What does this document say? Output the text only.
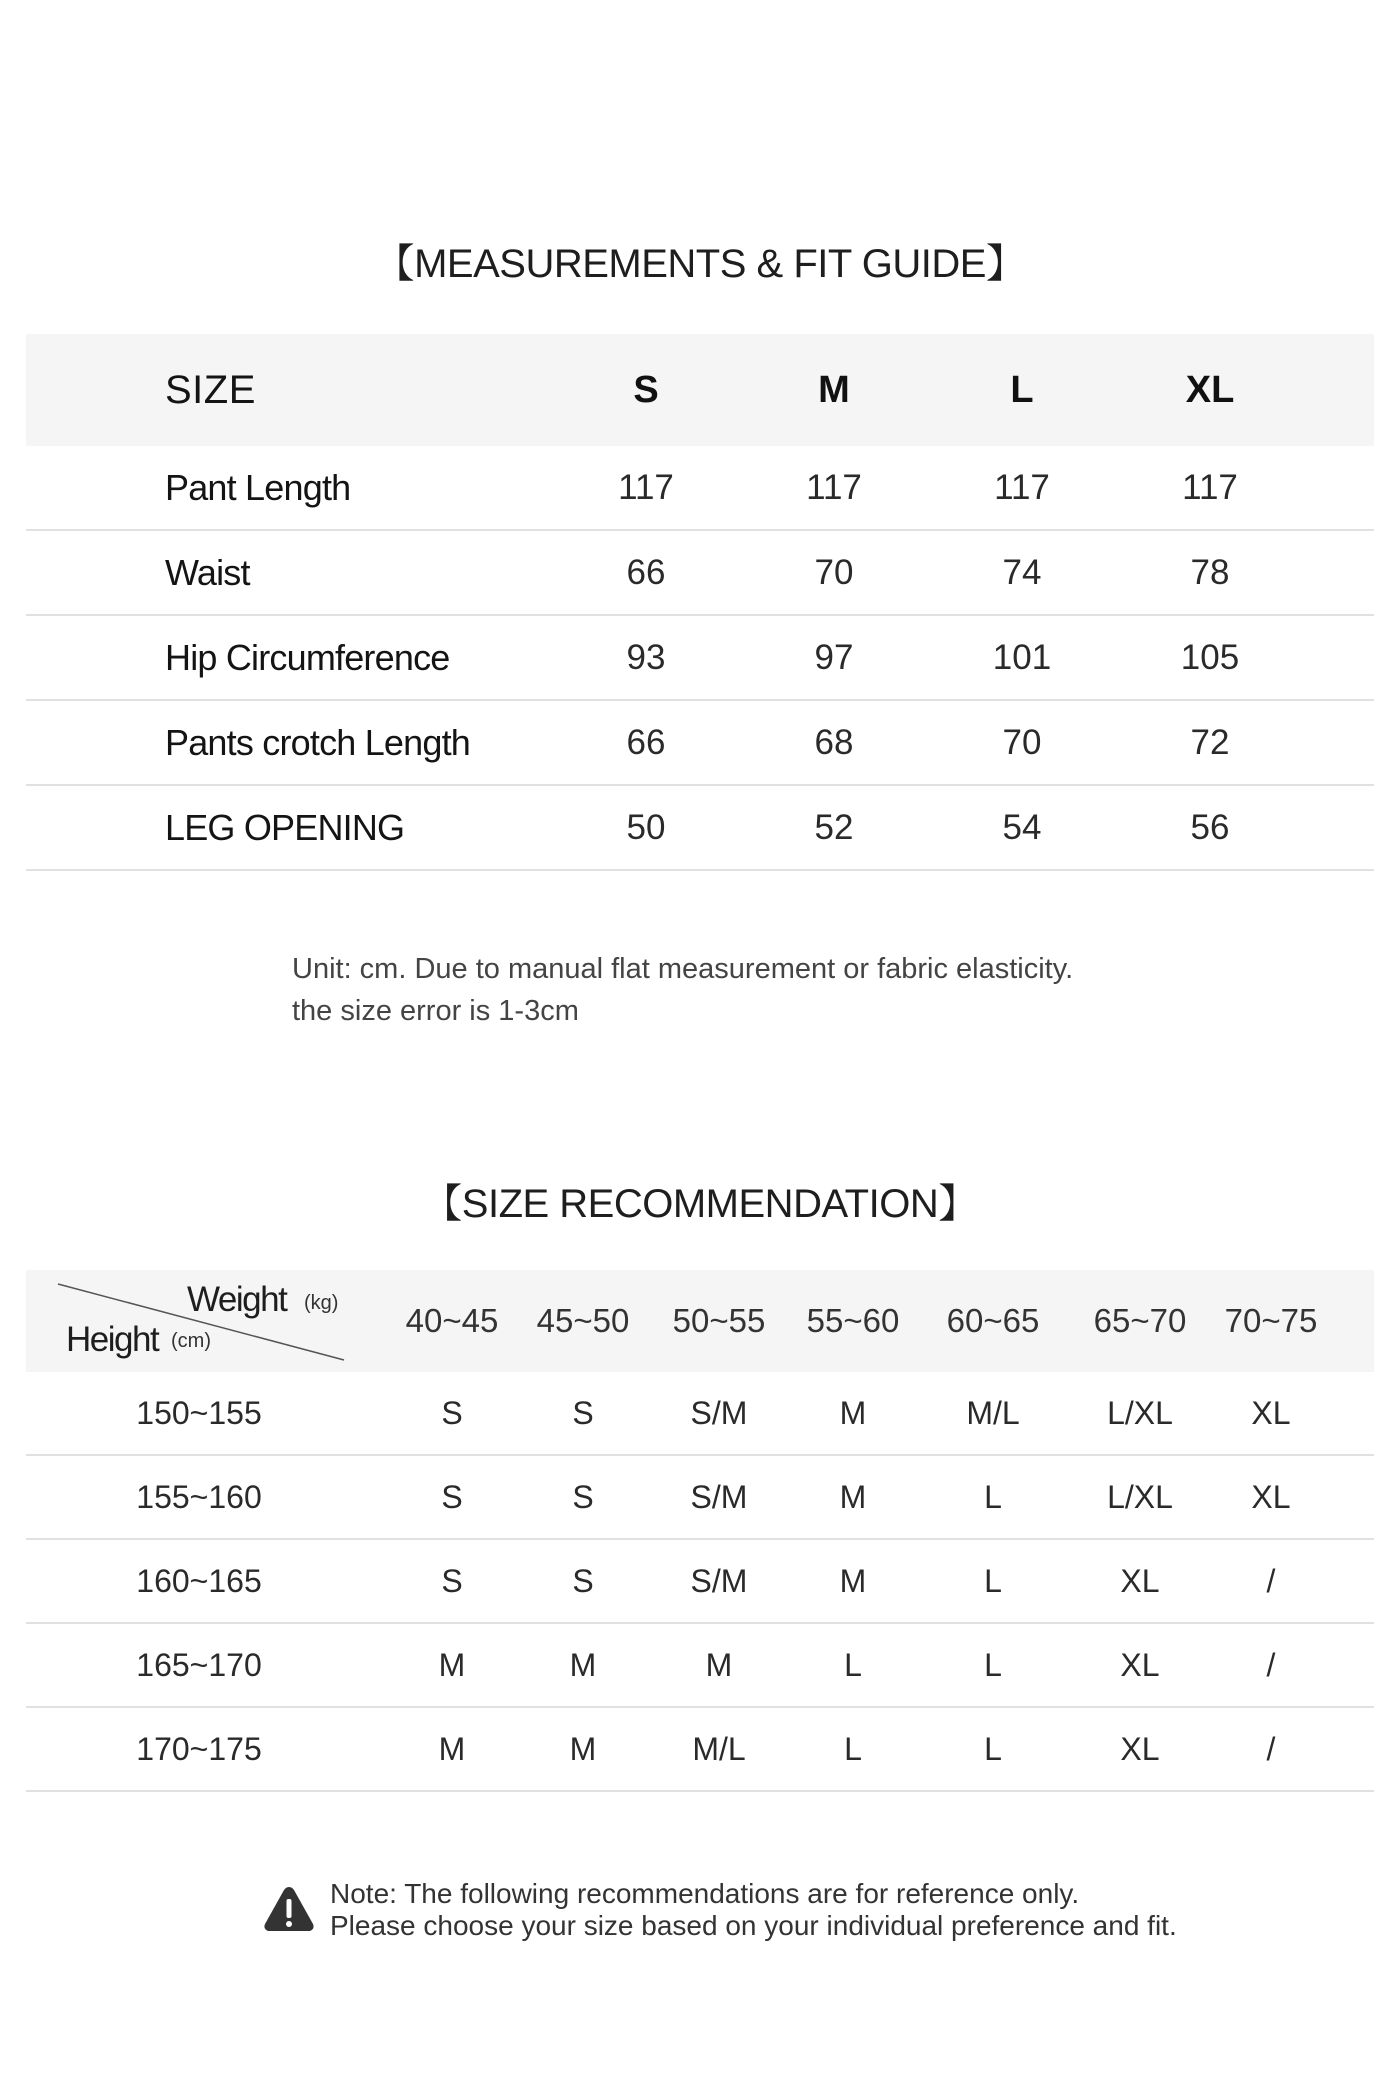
【MEASUREMENTS & FIT GUIDE】
SIZE	S	M	L	XL
Pant Length	117	117	117	117
Waist	66	70	74	78
Hip Circumference	93	97	101	105
Pants crotch Length	66	68	70	72
LEG OPENING	50	52	54	56
Unit: cm. Due to manual flat measurement or fabric elasticity.
the size error is 1-3cm
【SIZE RECOMMENDATION】
Weight (kg)
Height (cm)
40~45	45~50	50~55	55~60	60~65	65~70	70~75
150~155	S	S	S/M	M	M/L	L/XL	XL
155~160	S	S	S/M	M	L	L/XL	XL
160~165	S	S	S/M	M	L	XL	/
165~170	M	M	M	L	L	XL	/
170~175	M	M	M/L	L	L	XL	/
Note: The following recommendations are for reference only.
Please choose your size based on your individual preference and fit.
